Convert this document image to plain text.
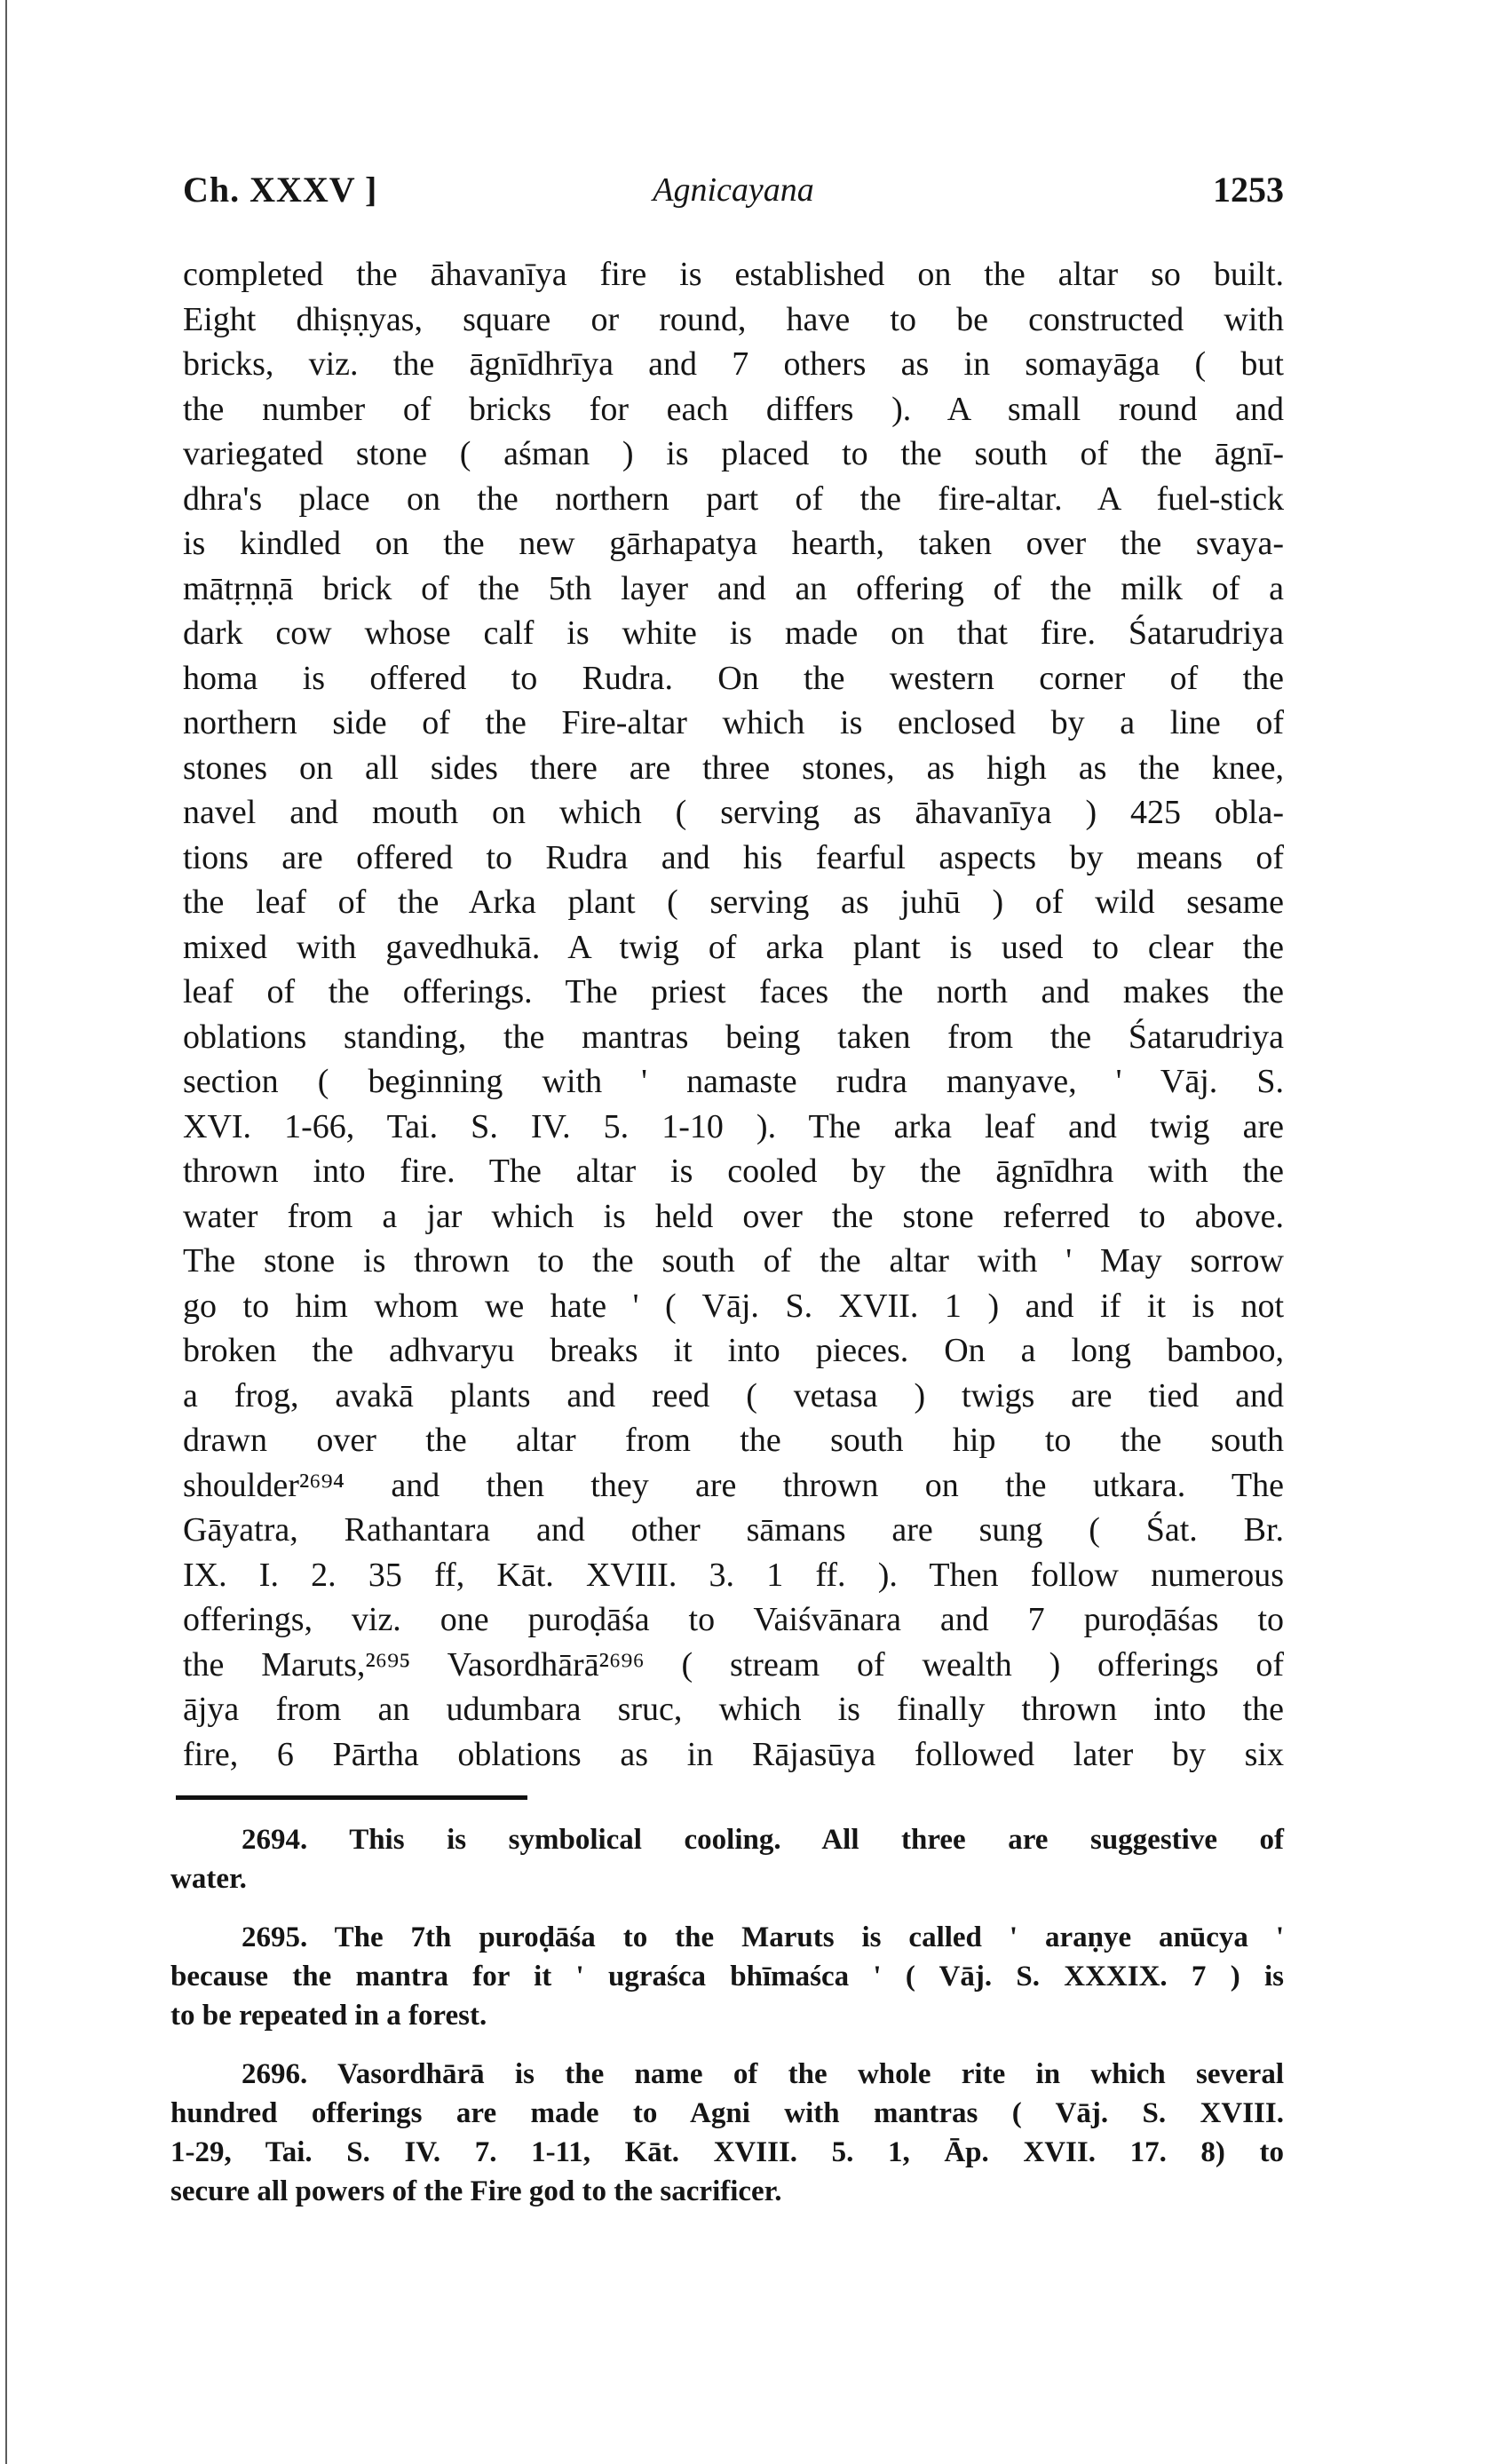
Ch. XXXV ]	Agnicayana	1253
completed the āhavanīya fire is established on the altar so built.
Eight dhiṣṇyas, square or round, have to be constructed with
bricks, viz. the āgnīdhrīya and 7 others as in somayāga ( but
the number of bricks for each differs ). A small round and
variegated stone ( aśman ) is placed to the south of the āgnī-
dhra's place on the northern part of the fire-altar. A fuel-stick
is kindled on the new gārhapatya hearth, taken over the svaya-
mātṛṇṇā brick of the 5th layer and an offering of the milk of a
dark cow whose calf is white is made on that fire. Śatarudriya
homa is offered to Rudra. On the western corner of the
northern side of the Fire-altar which is enclosed by a line of
stones on all sides there are three stones, as high as the knee,
navel and mouth on which ( serving as āhavanīya ) 425 obla-
tions are offered to Rudra and his fearful aspects by means of
the leaf of the Arka plant ( serving as juhū ) of wild sesame
mixed with gavedhukā. A twig of arka plant is used to clear the
leaf of the offerings. The priest faces the north and makes the
oblations standing, the mantras being taken from the Śatarudriya
section ( beginning with ' namaste rudra manyave, ' Vāj. S.
XVI. 1-66, Tai. S. IV. 5. 1-10 ). The arka leaf and twig are
thrown into fire. The altar is cooled by the āgnīdhra with the
water from a jar which is held over the stone referred to above.
The stone is thrown to the south of the altar with ' May sorrow
go to him whom we hate ' ( Vāj. S. XVII. 1 ) and if it is not
broken the adhvaryu breaks it into pieces. On a long bamboo,
a frog, avakā plants and reed ( vetasa ) twigs are tied and
drawn over the altar from the south hip to the south
shoulder²⁶⁹⁴ and then they are thrown on the utkara. The
Gāyatra, Rathantara and other sāmans are sung ( Śat. Br.
IX. I. 2. 35 ff, Kāt. XVIII. 3. 1 ff. ). Then follow numerous
offerings, viz. one puroḍāśa to Vaiśvānara and 7 puroḍāśas to
the Maruts,²⁶⁹⁵ Vasordhārā²⁶⁹⁶ ( stream of wealth ) offerings of
ājya from an udumbara sruc, which is finally thrown into the
fire, 6 Pārtha oblations as in Rājasūya followed later by six
2694. This is symbolical cooling. All three are suggestive of
water.
2695. The 7th puroḍāśa to the Maruts is called ' araṇye anūcya '
because the mantra for it ' ugraśca bhīmaśca ' ( Vāj. S. XXXIX. 7 ) is
to be repeated in a forest.
2696. Vasordhārā is the name of the whole rite in which several
hundred offerings are made to Agni with mantras ( Vāj. S. XVIII.
1-29, Tai. S. IV. 7. 1-11, Kāt. XVIII. 5. 1, Āp. XVII. 17. 8) to
secure all powers of the Fire god to the sacrificer.
